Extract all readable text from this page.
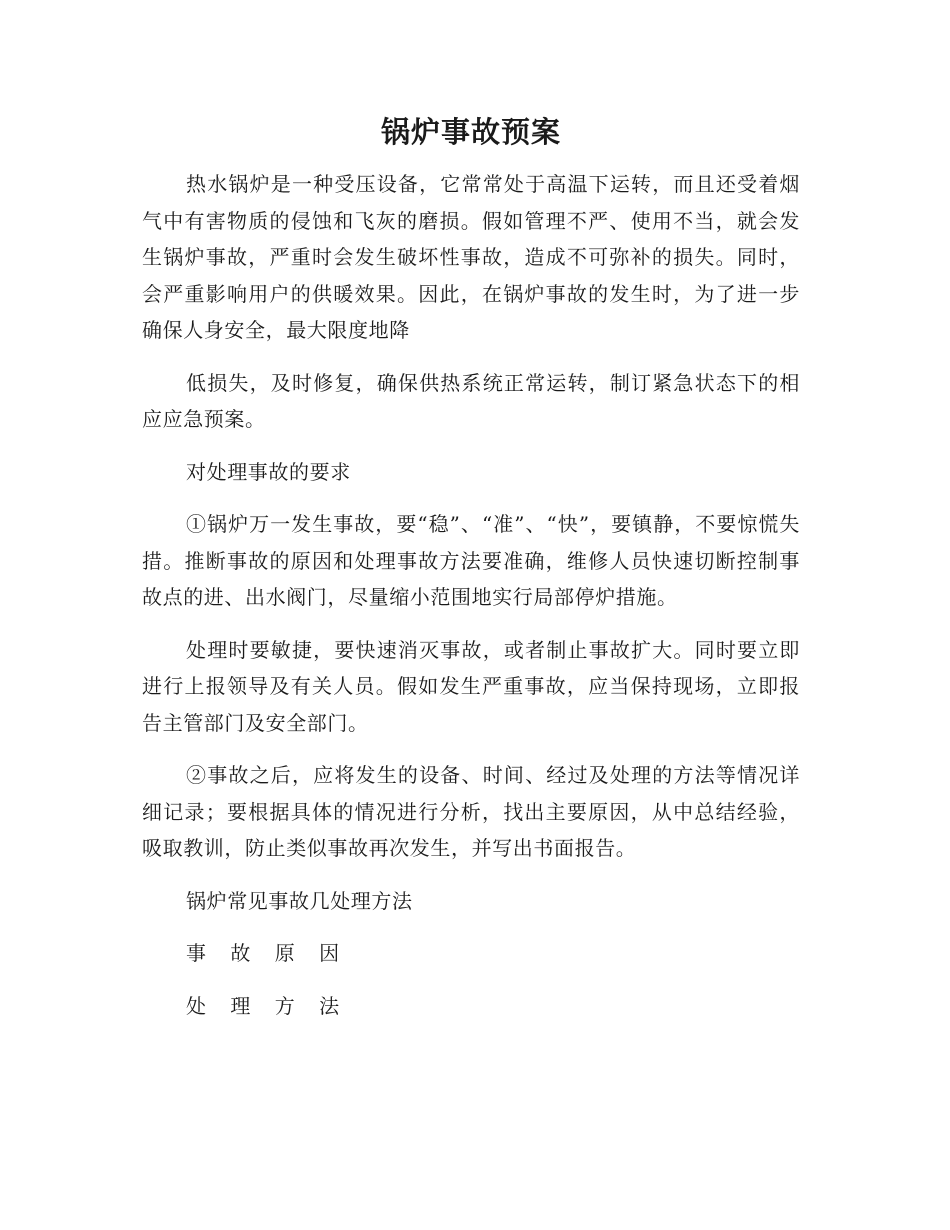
锅炉事故预案

热水锅炉是一种受压设备，它常常处于高温下运转，而且还受着烟气中有害物质的侵蚀和飞灰的磨损。假如管理不严、使用不当，就会发生锅炉事故，严重时会发生破坏性事故，造成不可弥补的损失。同时，会严重影响用户的供暖效果。因此，在锅炉事故的发生时，为了进一步确保人身安全，最大限度地降

低损失，及时修复，确保供热系统正常运转，制订紧急状态下的相应应急预案。

对处理事故的要求

①锅炉万一发生事故，要“稳”、“准”、“快”，要镇静，不要惊慌失措。推断事故的原因和处理事故方法要准确，维修人员快速切断控制事故点的进、出水阀门，尽量缩小范围地实行局部停炉措施。

处理时要敏捷，要快速消灭事故，或者制止事故扩大。同时要立即进行上报领导及有关人员。假如发生严重事故，应当保持现场，立即报告主管部门及安全部门。

②事故之后，应将发生的设备、时间、经过及处理的方法等情况详细记录；要根据具体的情况进行分析，找出主要原因，从中总结经验，吸取教训，防止类似事故再次发生，并写出书面报告。

锅炉常见事故几处理方法

事 故 原 因

处 理 方 法
